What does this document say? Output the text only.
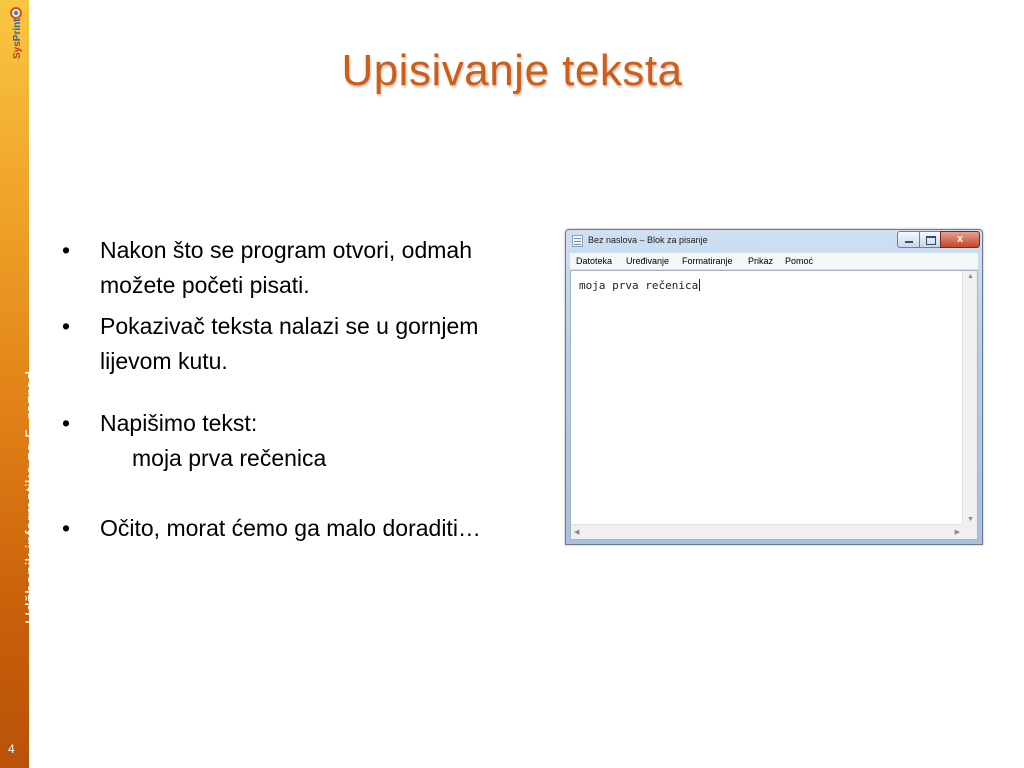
SysPrint
Udžbenik informatike za 5. razred
4
Upisivanje teksta
• Nakon što se program otvori, odmah možete početi pisati.
• Pokazivač teksta nalazi se u gornjem lijevom kutu.
• Napišimo tekst:
moja prva rečenica
• Očito, morat ćemo ga malo doraditi…
Bez naslova – Blok za pisanje	x
Datoteka Uređivanje Formatiranje Prikaz Pomoć
moja prva rečenica
▲
▼
◀	▶
